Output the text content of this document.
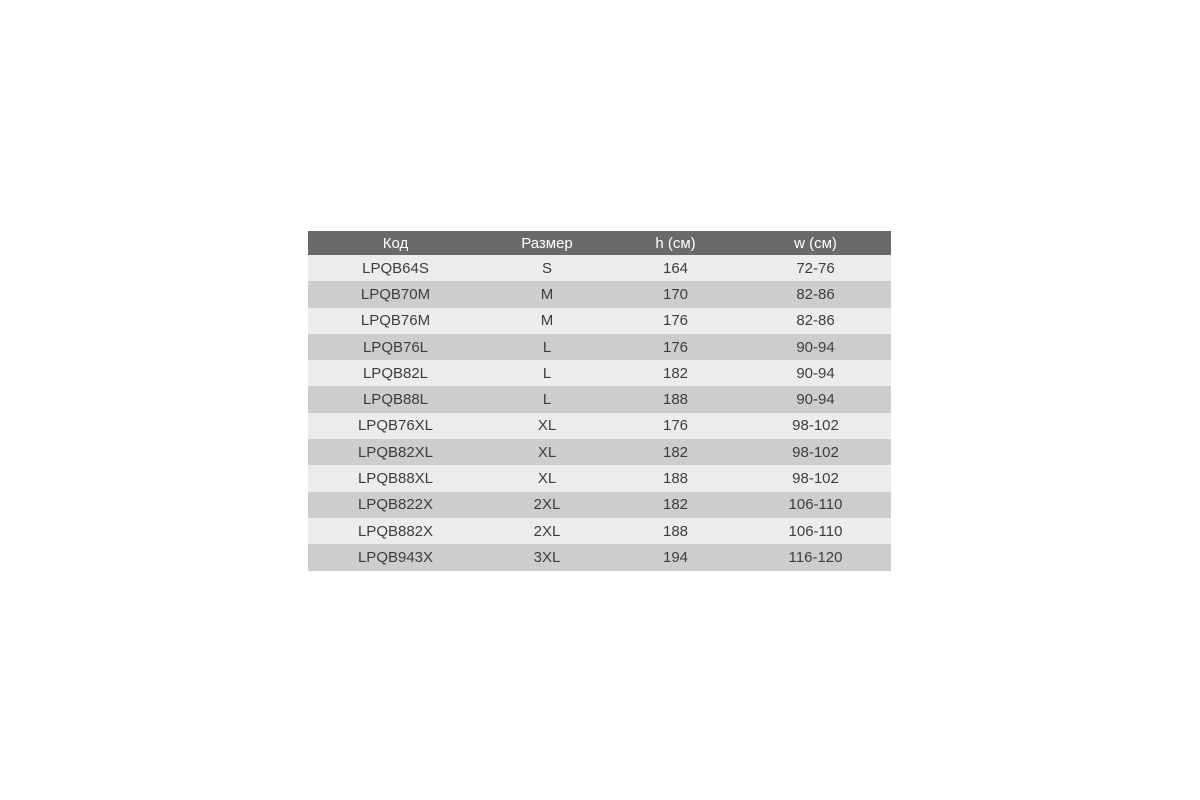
Код	Размер	h (см)	w (см)
LPQB64S	S	164	72-76
LPQB70M	M	170	82-86
LPQB76M	M	176	82-86
LPQB76L	L	176	90-94
LPQB82L	L	182	90-94
LPQB88L	L	188	90-94
LPQB76XL	XL	176	98-102
LPQB82XL	XL	182	98-102
LPQB88XL	XL	188	98-102
LPQB822X	2XL	182	106-110
LPQB882X	2XL	188	106-110
LPQB943X	3XL	194	116-120
